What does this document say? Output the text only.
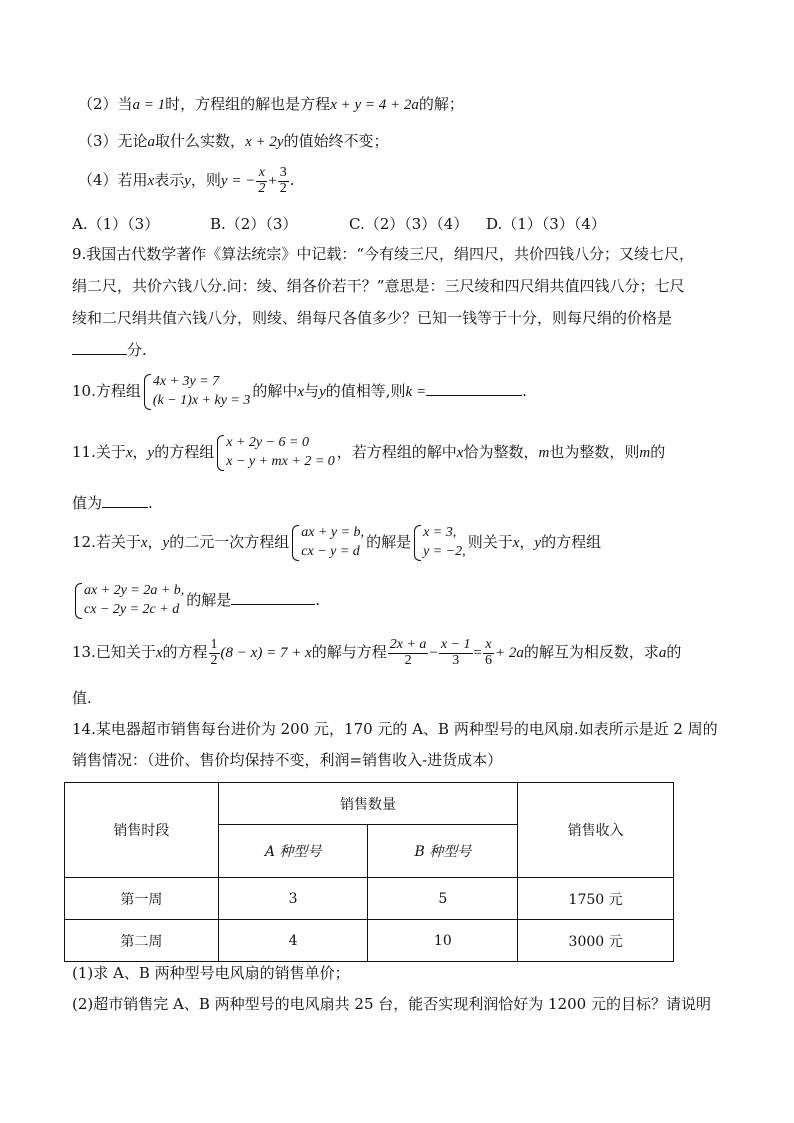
（2）当a = 1时，方程组的解也是方程x + y = 4 + 2a的解；
（3）无论a取什么实数，x + 2y的值始终不变；
（4）若用x表示y，则y = − $\frac{x}{2} + \frac{3}{2}$ .
A.（1）（3）	B.（2）（3）	C.（2）（3）（4） D.（1）（3）（4）
9.我国古代数学著作《算法统宗》中记载：“今有绫三尺，绢四尺，共价四钱八分；又绫七尺，
绢二尺，共价六钱八分.问：绫、绢各价若干？”意思是：三尺绫和四尺绢共值四钱八分；七尺
绫和二尺绢共值六钱八分，则绫、绢每尺各值多少？已知一钱等于十分，则每尺绢的价格是
分.
10.方程组
4x + 3y = 7
(k − 1)x + ky = 3
的解中x与y的值相等,则k =	.
11.关于x，y的方程组
x + 2y − 6 = 0
x − y + mx + 2 = 0
，若方程组的解中x恰为整数，m也为整数，则m的
值为	.
12.若关于x，y的二元一次方程组
ax + y = b,
cx − y = d
的解是
x = 3,
y = −2,
则关于x，y的方程组
ax + 2y = 2a + b,
cx − 2y = 2c + d
的解是	.
13.已知关于x的方程 $\frac{1}{2} (8 - x) = 7 + x$的解与方程 $\frac{2x + a}{2} - \frac{x - 1}{3} = \frac{x}{6} + 2a$的解互为相反数，求a的
值.
14.某电器超市销售每台进价为 200 元，170 元的 A、B 两种型号的电风扇.如表所示是近 2 周的
销售情况：（进价、售价均保持不变，利润=销售收入-进货成本）
销售时段	销售数量		销售收入
	A 种型号	B 种型号	
第一周	3	5	1750 元
第二周	4	10	3000 元
(1)求 A、B 两种型号电风扇的销售单价；
(2)超市销售完 A、B 两种型号的电风扇共 25 台，能否实现利润恰好为 1200 元的目标？请说明
